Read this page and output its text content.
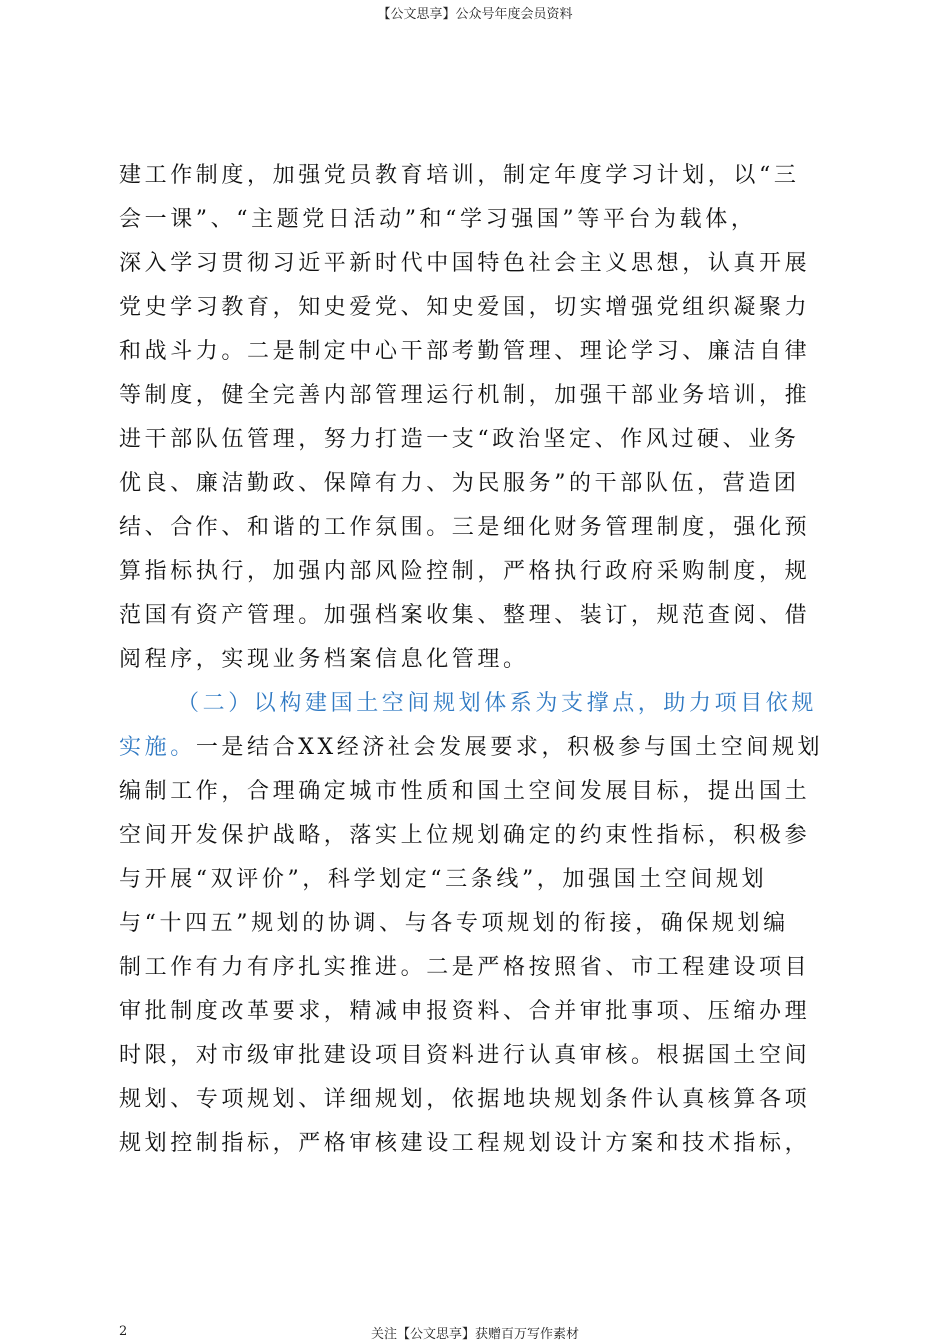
【公文思享】公众号年度会员资料
建工作制度，加强党员教育培训，制定年度学习计划，以“三
会一课”、“主题党日活动”和“学习强国”等平台为载体，
深入学习贯彻习近平新时代中国特色社会主义思想，认真开展
党史学习教育，知史爱党、知史爱国，切实增强党组织凝聚力
和战斗力。二是制定中心干部考勤管理、理论学习、廉洁自律
等制度，健全完善内部管理运行机制，加强干部业务培训，推
进干部队伍管理，努力打造一支“政治坚定、作风过硬、业务
优良、廉洁勤政、保障有力、为民服务”的干部队伍，营造团
结、合作、和谐的工作氛围。三是细化财务管理制度，强化预
算指标执行，加强内部风险控制，严格执行政府采购制度，规
范国有资产管理。加强档案收集、整理、装订，规范查阅、借
阅程序，实现业务档案信息化管理。
（二）以构建国土空间规划体系为支撑点，助力项目依规
实施。一是结合XX经济社会发展要求，积极参与国土空间规划
编制工作，合理确定城市性质和国土空间发展目标，提出国土
空间开发保护战略，落实上位规划确定的约束性指标，积极参
与开展“双评价”，科学划定“三条线”，加强国土空间规划
与“十四五”规划的协调、与各专项规划的衔接，确保规划编
制工作有力有序扎实推进。二是严格按照省、市工程建设项目
审批制度改革要求，精减申报资料、合并审批事项、压缩办理
时限，对市级审批建设项目资料进行认真审核。根据国土空间
规划、专项规划、详细规划，依据地块规划条件认真核算各项
规划控制指标，严格审核建设工程规划设计方案和技术指标，
2	关注【公文思享】获赠百万写作素材
